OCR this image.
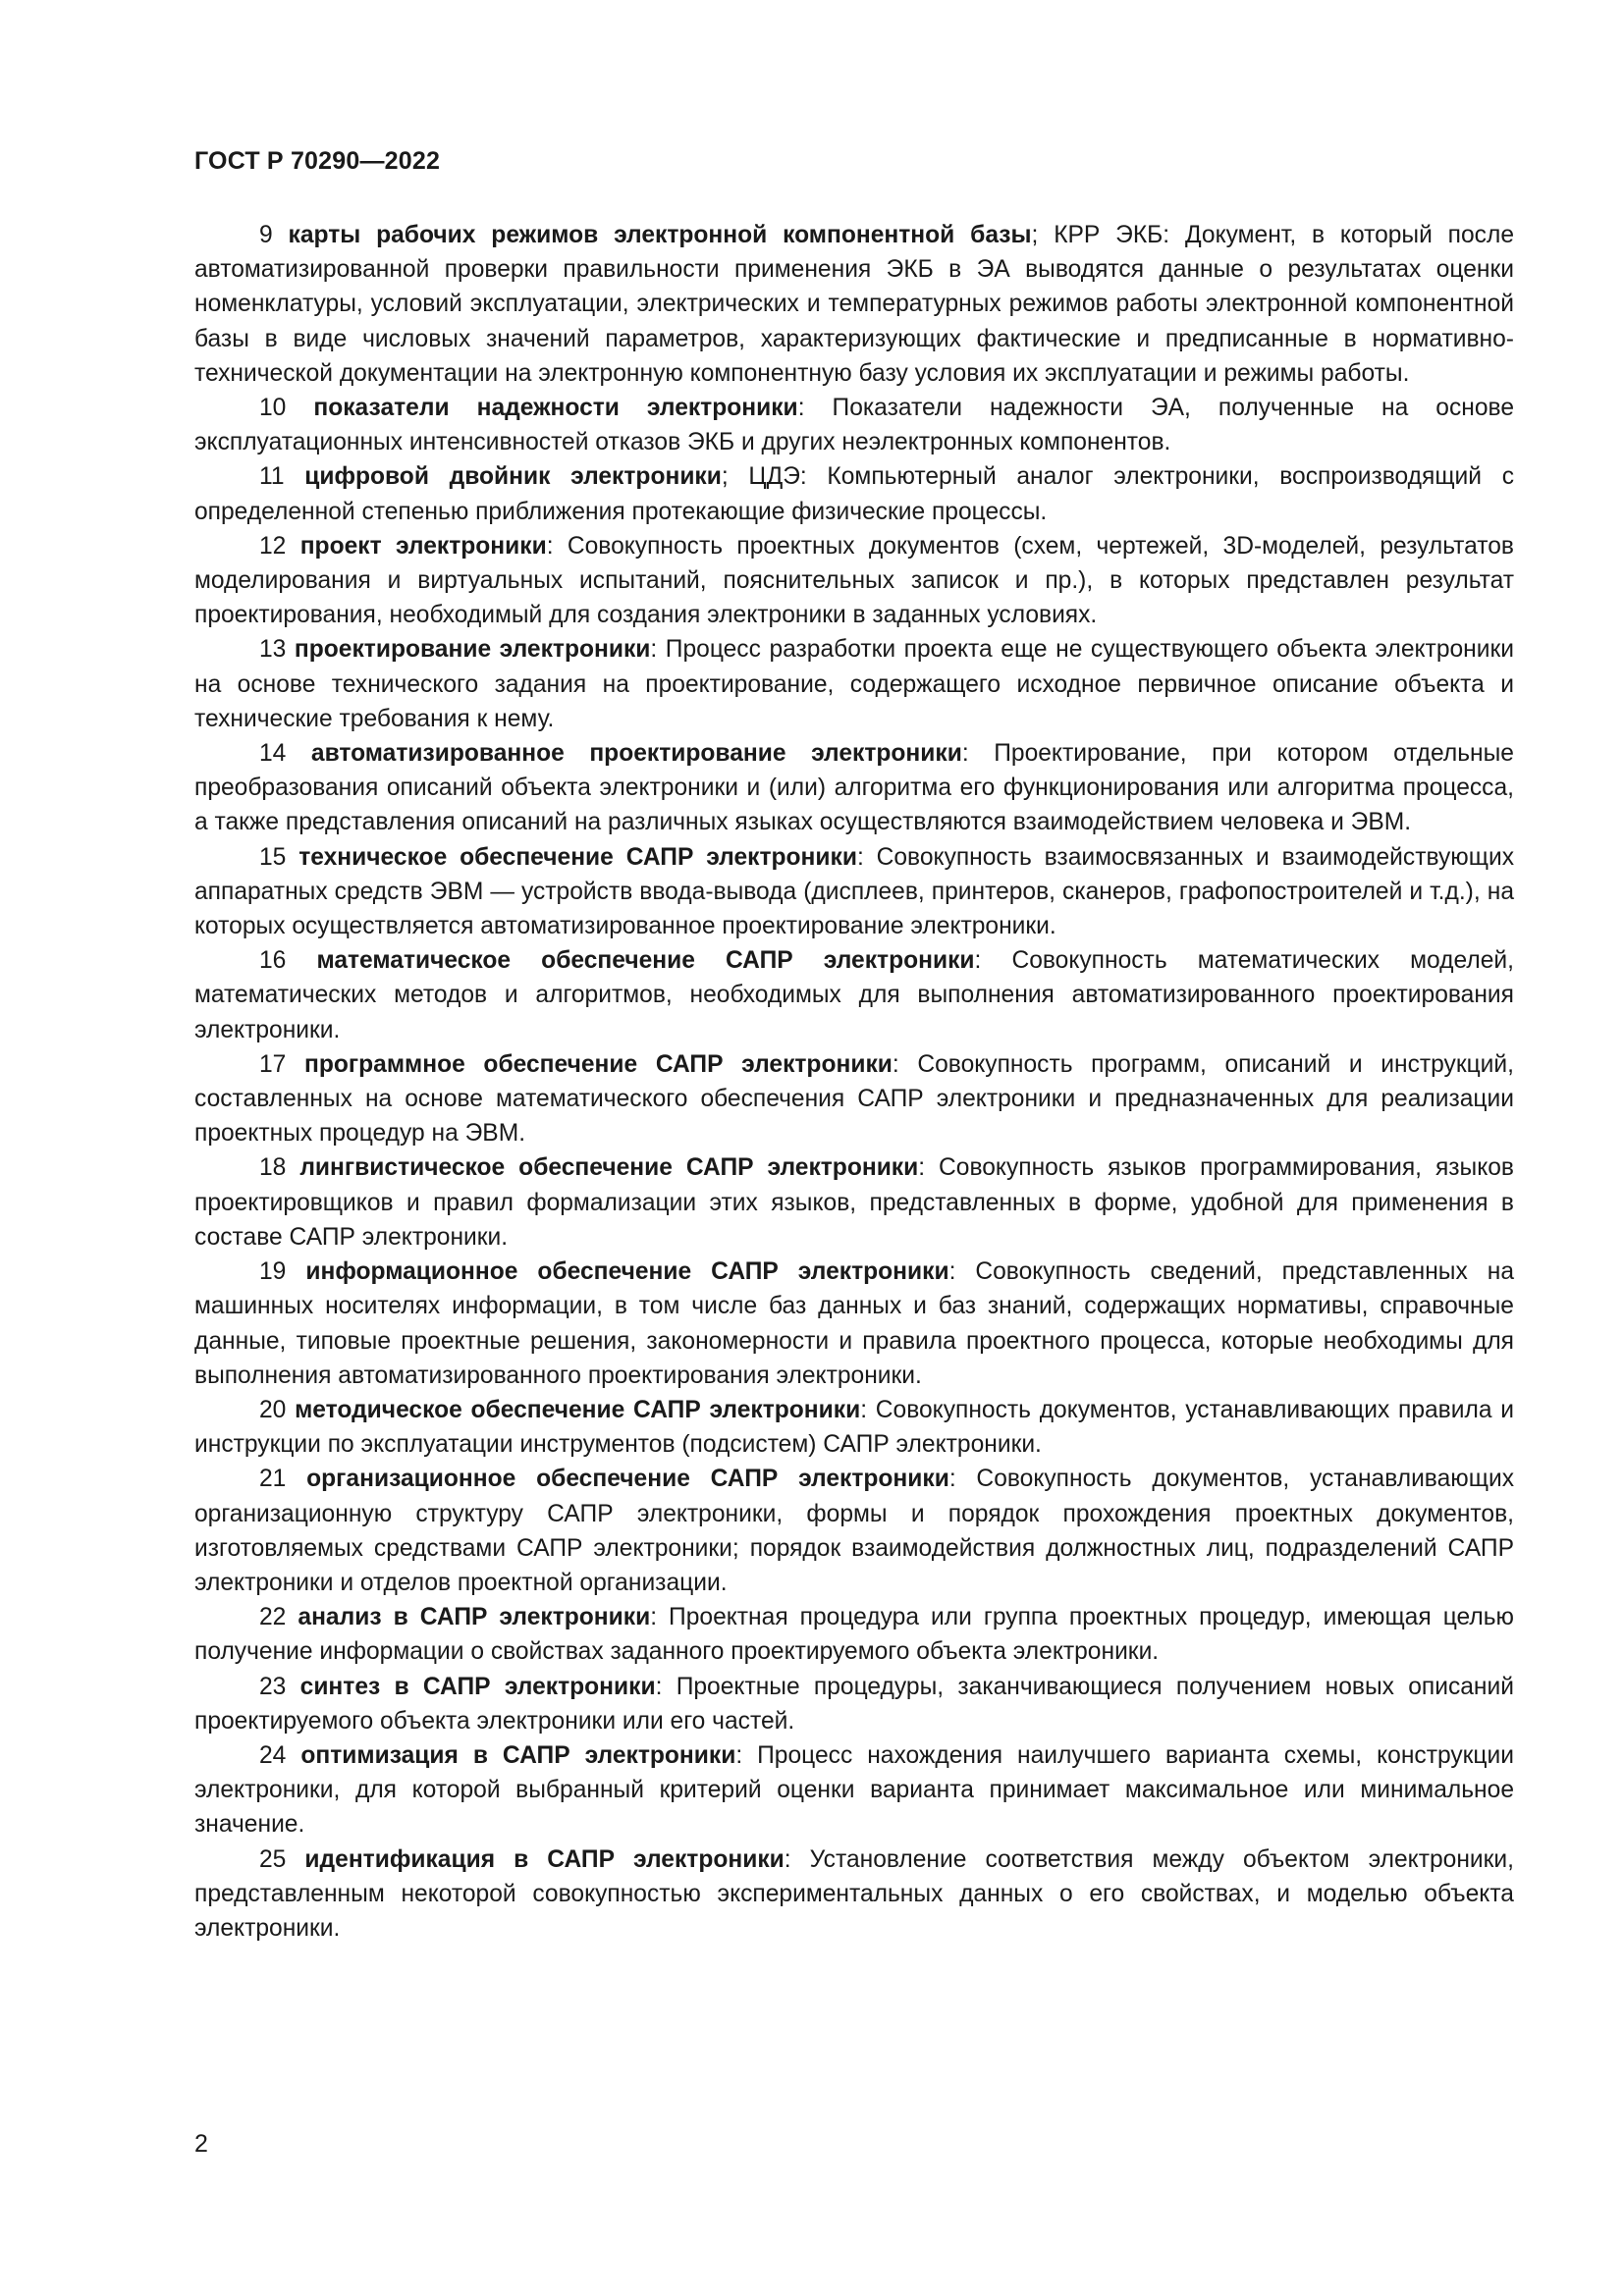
ГОСТ Р 70290—2022

9 карты рабочих режимов электронной компонентной базы; КРР ЭКБ: Документ, в который после автоматизированной проверки правильности применения ЭКБ в ЭА выводятся данные о результатах оценки номенклатуры, условий эксплуатации, электрических и температурных режимов работы электронной компонентной базы в виде числовых значений параметров, характеризующих фактические и предписанные в нормативно-технической документации на электронную компонентную базу условия их эксплуатации и режимы работы.

10 показатели надежности электроники: Показатели надежности ЭА, полученные на основе эксплуатационных интенсивностей отказов ЭКБ и других неэлектронных компонентов.

11 цифровой двойник электроники; ЦДЭ: Компьютерный аналог электроники, воспроизводящий с определенной степенью приближения протекающие физические процессы.

12 проект электроники: Совокупность проектных документов (схем, чертежей, 3D-моделей, результатов моделирования и виртуальных испытаний, пояснительных записок и пр.), в которых представлен результат проектирования, необходимый для создания электроники в заданных условиях.

13 проектирование электроники: Процесс разработки проекта еще не существующего объекта электроники на основе технического задания на проектирование, содержащего исходное первичное описание объекта и технические требования к нему.

14 автоматизированное проектирование электроники: Проектирование, при котором отдельные преобразования описаний объекта электроники и (или) алгоритма его функционирования или алгоритма процесса, а также представления описаний на различных языках осуществляются взаимодействием человека и ЭВМ.

15 техническое обеспечение САПР электроники: Совокупность взаимосвязанных и взаимодействующих аппаратных средств ЭВМ — устройств ввода-вывода (дисплеев, принтеров, сканеров, графопостроителей и т.д.), на которых осуществляется автоматизированное проектирование электроники.

16 математическое обеспечение САПР электроники: Совокупность математических моделей, математических методов и алгоритмов, необходимых для выполнения автоматизированного проектирования электроники.

17 программное обеспечение САПР электроники: Совокупность программ, описаний и инструкций, составленных на основе математического обеспечения САПР электроники и предназначенных для реализации проектных процедур на ЭВМ.

18 лингвистическое обеспечение САПР электроники: Совокупность языков программирования, языков проектировщиков и правил формализации этих языков, представленных в форме, удобной для применения в составе САПР электроники.

19 информационное обеспечение САПР электроники: Совокупность сведений, представленных на машинных носителях информации, в том числе баз данных и баз знаний, содержащих нормативы, справочные данные, типовые проектные решения, закономерности и правила проектного процесса, которые необходимы для выполнения автоматизированного проектирования электроники.

20 методическое обеспечение САПР электроники: Совокупность документов, устанавливающих правила и инструкции по эксплуатации инструментов (подсистем) САПР электроники.

21 организационное обеспечение САПР электроники: Совокупность документов, устанавливающих организационную структуру САПР электроники, формы и порядок прохождения проектных документов, изготовляемых средствами САПР электроники; порядок взаимодействия должностных лиц, подразделений САПР электроники и отделов проектной организации.

22 анализ в САПР электроники: Проектная процедура или группа проектных процедур, имеющая целью получение информации о свойствах заданного проектируемого объекта электроники.

23 синтез в САПР электроники: Проектные процедуры, заканчивающиеся получением новых описаний проектируемого объекта электроники или его частей.

24 оптимизация в САПР электроники: Процесс нахождения наилучшего варианта схемы, конструкции электроники, для которой выбранный критерий оценки варианта принимает максимальное или минимальное значение.

25 идентификация в САПР электроники: Установление соответствия между объектом электроники, представленным некоторой совокупностью экспериментальных данных о его свойствах, и моделью объекта электроники.

2
